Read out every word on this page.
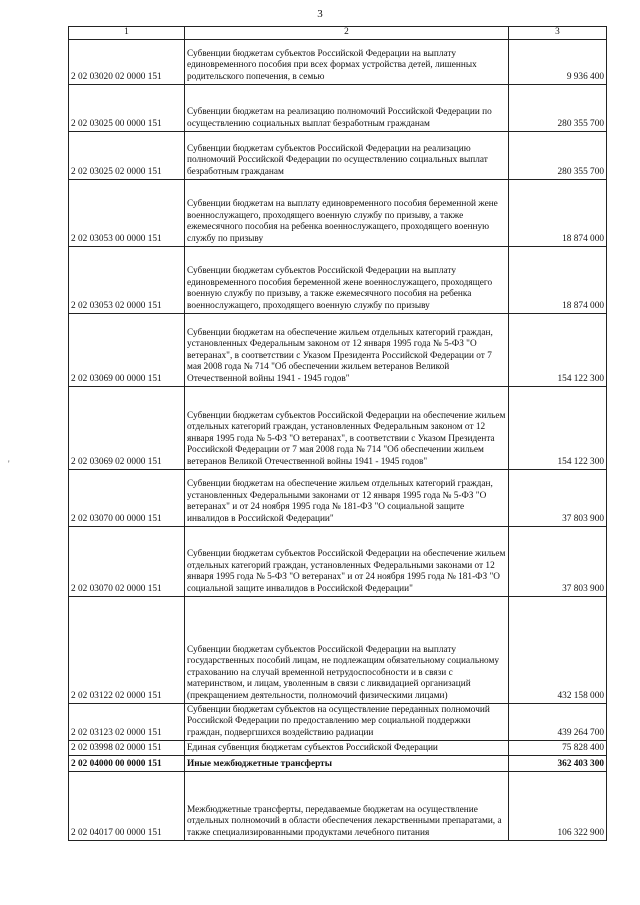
3
'
1	2	3
2 02 03020 02 0000 151	Субвенции бюджетам субъектов Российской Федерации на выплату единовременного пособия при всех формах устройства детей, лишенных родительского попечения, в семью	9 936 400
2 02 03025 00 0000 151	Субвенции бюджетам на реализацию полномочий Российской Федерации по осуществлению социальных выплат безработным гражданам	280 355 700
2 02 03025 02 0000 151	Субвенции бюджетам субъектов Российской Федерации на реализацию полномочий Российской Федерации по осуществлению социальных выплат безработным гражданам	280 355 700
2 02 03053 00 0000 151	Субвенции бюджетам на выплату единовременного пособия беременной жене военнослужащего, проходящего военную службу по призыву, а также ежемесячного пособия на ребенка военнослужащего, проходящего военную службу по призыву	18 874 000
2 02 03053 02 0000 151	Субвенции бюджетам субъектов Российской Федерации на выплату единовременного пособия беременной жене военнослужащего, проходящего военную службу по призыву, а также ежемесячного пособия на ребенка военнослужащего, проходящего военную службу по призыву	18 874 000
2 02 03069 00 0000 151	Субвенции бюджетам на обеспечение жильем отдельных категорий граждан, установленных Федеральным законом от 12 января 1995 года № 5-ФЗ "О ветеранах", в соответствии с Указом Президента Российской Федерации от 7 мая 2008 года № 714 "Об обеспечении жильем ветеранов Великой Отечественной войны 1941 - 1945 годов"	154 122 300
2 02 03069 02 0000 151	Субвенции бюджетам субъектов Российской Федерации на обеспечение жильем отдельных категорий граждан, установленных Федеральным законом от 12 января 1995 года № 5-ФЗ "О ветеранах", в соответствии с Указом Президента Российской Федерации от 7 мая 2008 года № 714 "Об обеспечении жильем ветеранов Великой Отечественной войны 1941 - 1945 годов"	154 122 300
2 02 03070 00 0000 151	Субвенции бюджетам на обеспечение жильем отдельных категорий граждан, установленных Федеральными законами от 12 января 1995 года № 5-ФЗ "О ветеранах" и от 24 ноября 1995 года № 181-ФЗ "О социальной защите инвалидов в Российской Федерации"	37 803 900
2 02 03070 02 0000 151	Субвенции бюджетам субъектов Российской Федерации на обеспечение жильем отдельных категорий граждан, установленных Федеральными законами от 12 января 1995 года № 5-ФЗ "О ветеранах" и от 24 ноября 1995 года № 181-ФЗ "О социальной защите инвалидов в Российской Федерации"	37 803 900
2 02 03122 02 0000 151	Субвенции бюджетам субъектов Российской Федерации на выплату государственных пособий лицам, не подлежащим обязательному социальному страхованию на случай временной нетрудоспособности и в связи с материнством, и лицам, уволенным в связи с ликвидацией организаций (прекращением деятельности, полномочий физическими лицами)	432 158 000
2 02 03123 02 0000 151	Субвенции бюджетам субъектов на осуществление переданных полномочий Российской Федерации по предоставлению мер социальной поддержки граждан, подвергшихся воздействию радиации	439 264 700
2 02 03998 02 0000 151	Единая субвенция бюджетам субъектов Российской Федерации	75 828 400
2 02 04000 00 0000 151	Иные межбюджетные трансферты	362 403 300
2 02 04017 00 0000 151	Межбюджетные трансферты, передаваемые бюджетам на осуществление отдельных полномочий в области обеспечения лекарственными препаратами, а также специализированными продуктами лечебного питания	106 322 900
